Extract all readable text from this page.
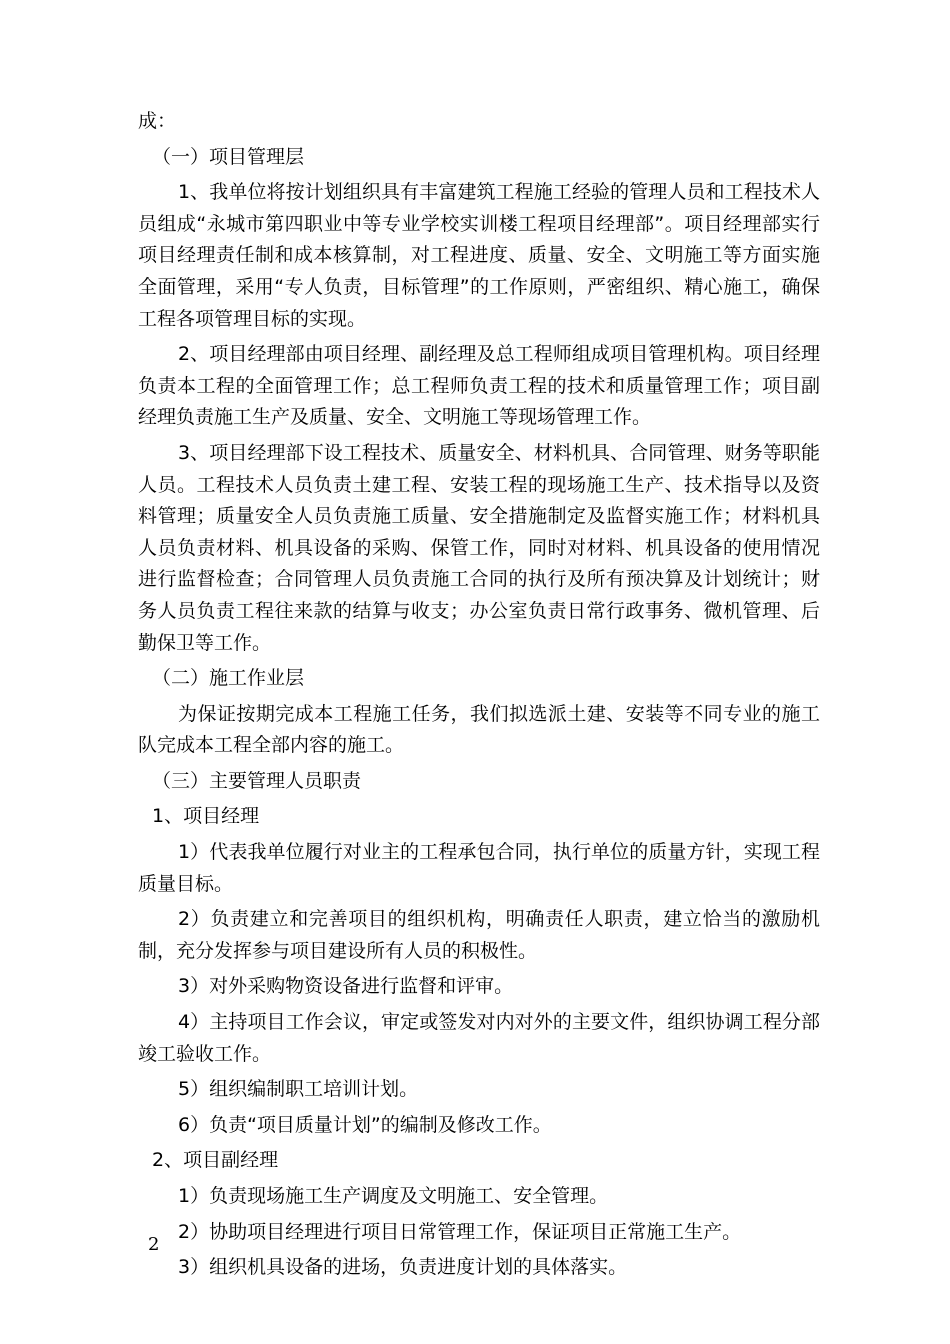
成：

（一）项目管理层

1、我单位将按计划组织具有丰富建筑工程施工经验的管理人员和工程技术人员组成“永城市第四职业中等专业学校实训楼工程项目经理部”。项目经理部实行项目经理责任制和成本核算制，对工程进度、质量、安全、文明施工等方面实施全面管理，采用“专人负责，目标管理”的工作原则，严密组织、精心施工，确保工程各项管理目标的实现。

2、项目经理部由项目经理、副经理及总工程师组成项目管理机构。项目经理负责本工程的全面管理工作；总工程师负责工程的技术和质量管理工作；项目副经理负责施工生产及质量、安全、文明施工等现场管理工作。

3、项目经理部下设工程技术、质量安全、材料机具、合同管理、财务等职能人员。工程技术人员负责土建工程、安装工程的现场施工生产、技术指导以及资料管理；质量安全人员负责施工质量、安全措施制定及监督实施工作；材料机具人员负责材料、机具设备的采购、保管工作，同时对材料、机具设备的使用情况进行监督检查；合同管理人员负责施工合同的执行及所有预决算及计划统计；财务人员负责工程往来款的结算与收支；办公室负责日常行政事务、微机管理、后勤保卫等工作。

（二）施工作业层

为保证按期完成本工程施工任务，我们拟选派土建、安装等不同专业的施工队完成本工程全部内容的施工。

（三）主要管理人员职责

1、项目经理

1）代表我单位履行对业主的工程承包合同，执行单位的质量方针，实现工程质量目标。

2）负责建立和完善项目的组织机构，明确责任人职责，建立恰当的激励机制，充分发挥参与项目建设所有人员的积极性。

3）对外采购物资设备进行监督和评审。

4）主持项目工作会议，审定或签发对内对外的主要文件，组织协调工程分部竣工验收工作。

5）组织编制职工培训计划。

6）负责“项目质量计划”的编制及修改工作。

2、项目副经理

1）负责现场施工生产调度及文明施工、安全管理。

2）协助项目经理进行项目日常管理工作，保证项目正常施工生产。

3）组织机具设备的进场，负责进度计划的具体落实。

2
